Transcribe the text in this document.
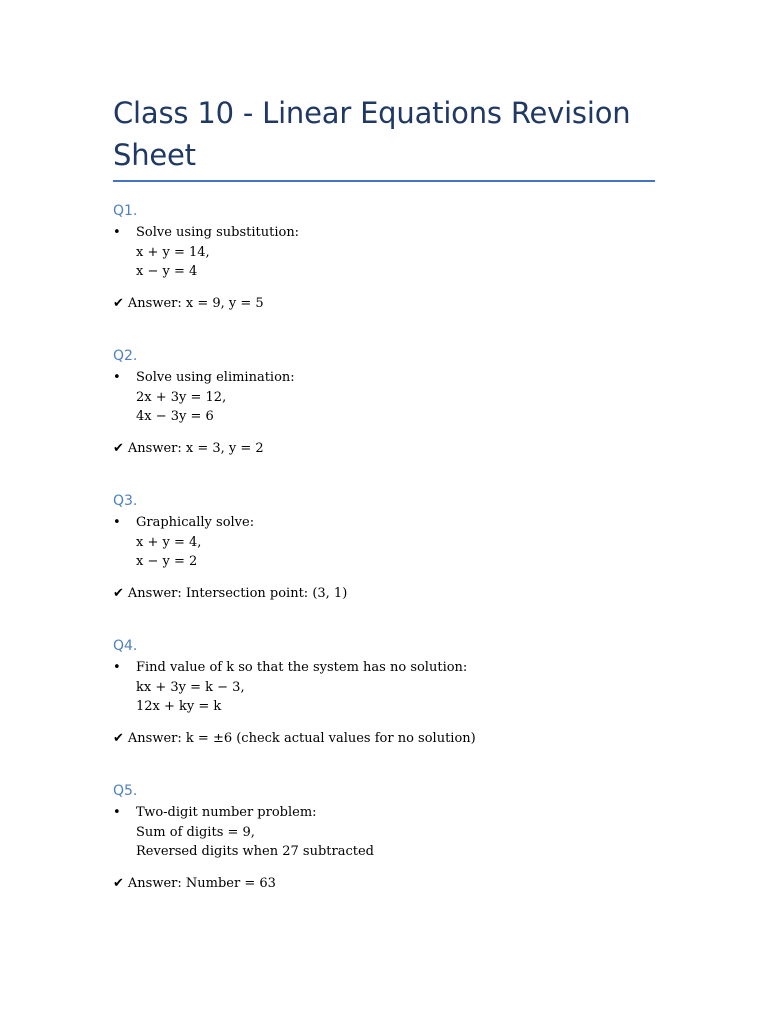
Class 10 - Linear Equations Revision Sheet
Q1.
• Solve using substitution:
x + y = 14,
x − y = 4
✔ Answer: x = 9, y = 5
Q2.
• Solve using elimination:
2x + 3y = 12,
4x − 3y = 6
✔ Answer: x = 3, y = 2
Q3.
• Graphically solve:
x + y = 4,
x − y = 2
✔ Answer: Intersection point: (3, 1)
Q4.
• Find value of k so that the system has no solution:
kx + 3y = k − 3,
12x + ky = k
✔ Answer: k = ±6 (check actual values for no solution)
Q5.
• Two-digit number problem:
Sum of digits = 9,
Reversed digits when 27 subtracted
✔ Answer: Number = 63
